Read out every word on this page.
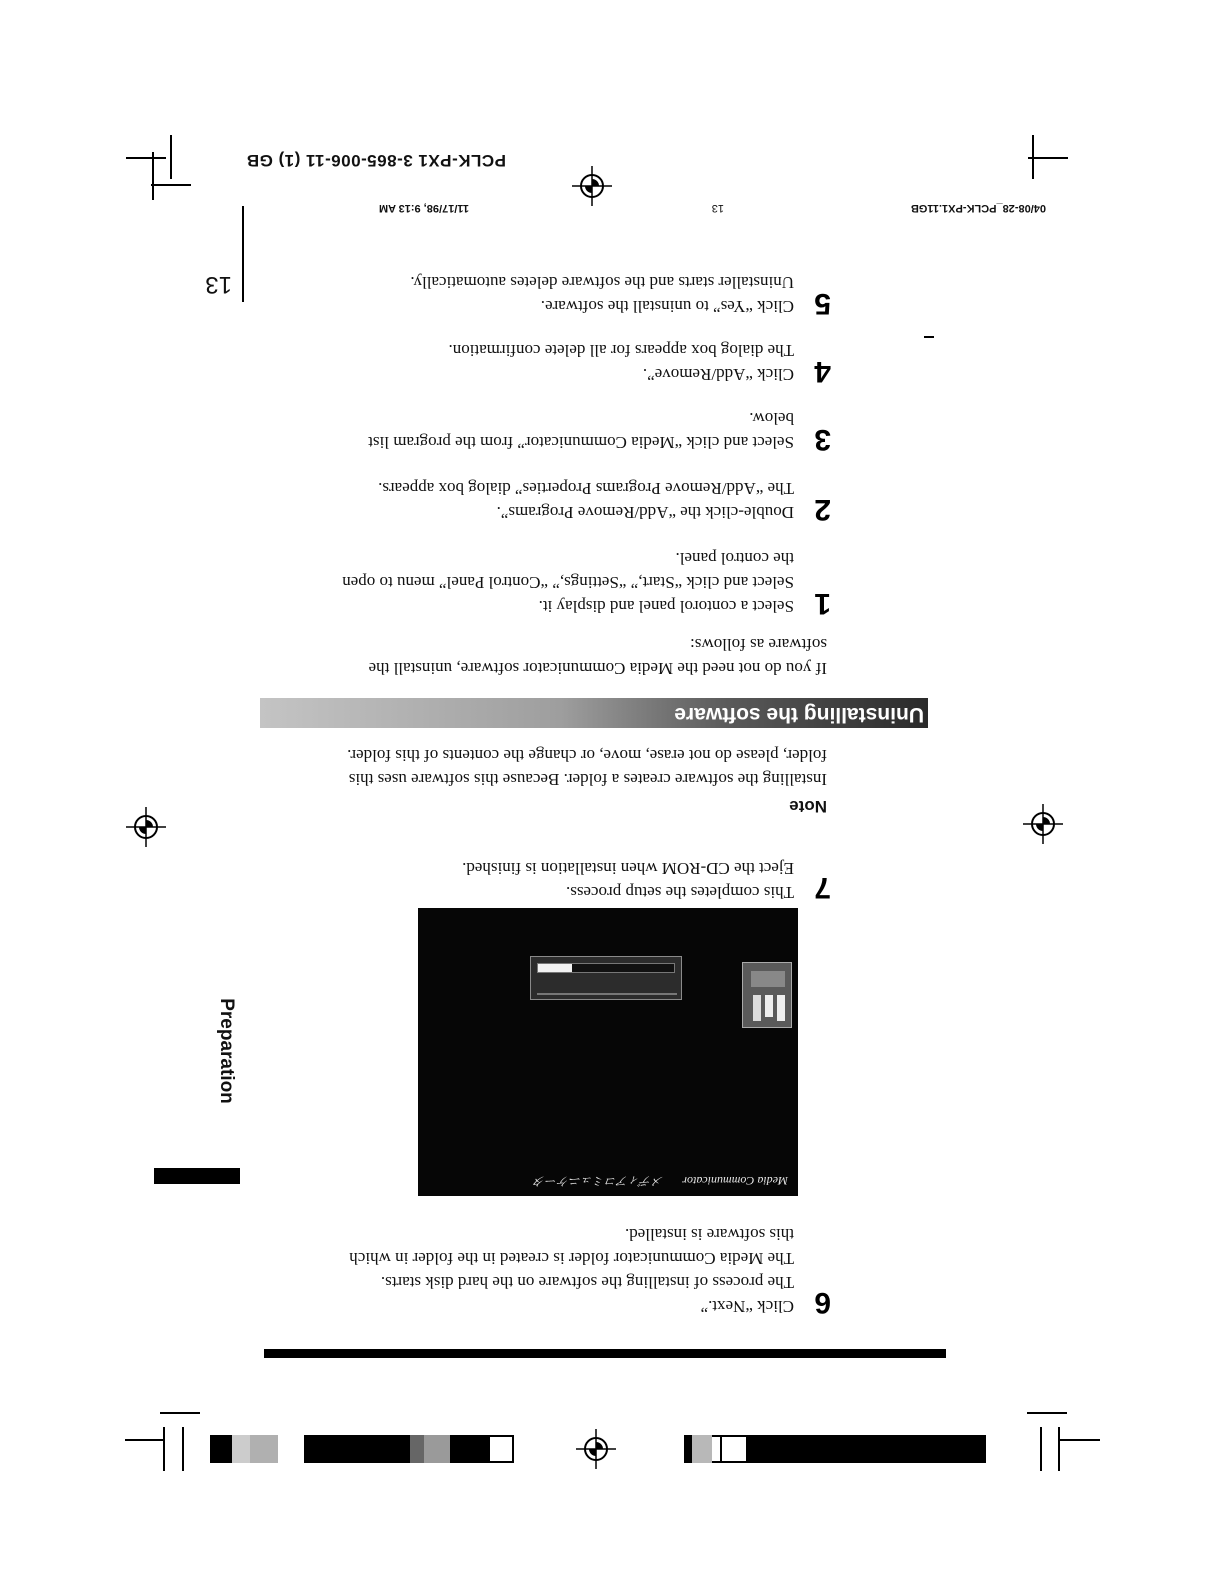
Preparation
6
Click “Next.”
The process of installing the software on the hard disk starts.
The Media Communicator folder is created in the folder in which
this software is installed.
Media Communicator メディアコミュニケータ
7
This completes the setup process.
Eject the CD-ROM when installation is finished.
Note
Installing the software creates a folder. Because this software uses this
folder, please do not erase, move, or change the contents of this folder.
Uninstalling the software
If you do not need the Media Communicator software, uninstall the
software as follows:
1
Select a contorol panel and display it.
Select and click “Start,” “Settings,” “Control Panel” menu to open
the control panel.
2
Double-click the “Add/Remove Programs”.
The “Add/Remove Programs Properties” dialog box appears.
3
Select and click “Media Communicator” from the program list
below.
4
Click “Add/Remove”.
The dialog box appears for all delete confirmation.
5
Click “Yes” to uninstall the software.
Uninstaller starts and the software deletes automatically.
13
04/08-28_PCLK-PX1.11GB
13
11/17/98, 9:13 AM
PCLK-PX1 3-865-006-11 (1) GB
